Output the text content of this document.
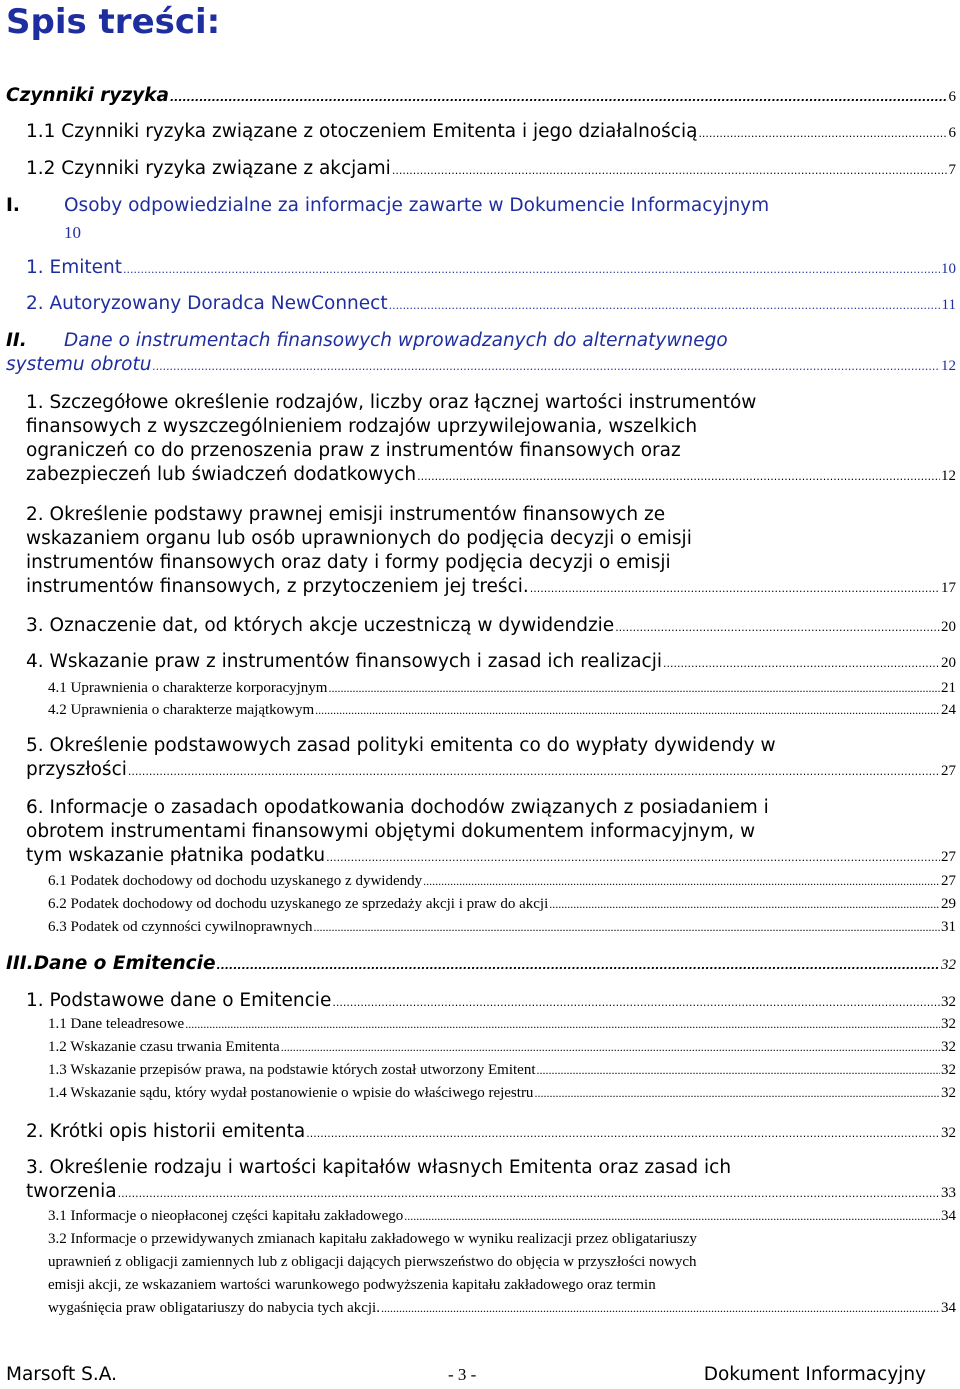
Spis treści:
Czynniki ryzyka .....	6
1.1 Czynniki ryzyka związane z otoczeniem Emitenta i jego działalnością .....	6
1.2 Czynniki ryzyka związane z akcjami .....	7
I. Osoby odpowiedzialne za informacje zawarte w Dokumencie Informacyjnym
10
1. Emitent .....	10
2. Autoryzowany Doradca NewConnect .....	11
II. Dane o instrumentach finansowych wprowadzanych do alternatywnego
systemu obrotu .....	12
1. Szczegółowe określenie rodzajów, liczby oraz łącznej wartości instrumentów
finansowych z wyszczególnieniem rodzajów uprzywilejowania, wszelkich
ograniczeń co do przenoszenia praw z instrumentów finansowych oraz
zabezpieczeń lub świadczeń dodatkowych .....	12
2. Określenie podstawy prawnej emisji instrumentów finansowych ze
wskazaniem organu lub osób uprawnionych do podjęcia decyzji o emisji
instrumentów finansowych oraz daty i formy podjęcia decyzji o emisji
instrumentów finansowych, z przytoczeniem jej treści. .....	17
3. Oznaczenie dat, od których akcje uczestniczą w dywidendzie .....	20
4. Wskazanie praw z instrumentów finansowych i zasad ich realizacji .....	20
4.1 Uprawnienia o charakterze korporacyjnym .....	21
4.2 Uprawnienia o charakterze majątkowym .....	24
5. Określenie podstawowych zasad polityki emitenta co do wypłaty dywidendy w
przyszłości .....	27
6. Informacje o zasadach opodatkowania dochodów związanych z posiadaniem i
obrotem instrumentami finansowymi objętymi dokumentem informacyjnym, w
tym wskazanie płatnika podatku .....	27
6.1 Podatek dochodowy od dochodu uzyskanego z dywidendy .....	27
6.2 Podatek dochodowy od dochodu uzyskanego ze sprzedaży akcji i praw do akcji .....	29
6.3 Podatek od czynności cywilnoprawnych .....	31
III. Dane o Emitencie .....	32
1. Podstawowe dane o Emitencie .....	32
1.1 Dane teleadresowe .....	32
1.2 Wskazanie czasu trwania Emitenta .....	32
1.3 Wskazanie przepisów prawa, na podstawie których został utworzony Emitent .....	32
1.4 Wskazanie sądu, który wydał postanowienie o wpisie do właściwego rejestru .....	32
2. Krótki opis historii emitenta .....	32
3. Określenie rodzaju i wartości kapitałów własnych Emitenta oraz zasad ich
tworzenia .....	33
3.1 Informacje o nieopłaconej części kapitału zakładowego .....	34
3.2 Informacje o przewidywanych zmianach kapitału zakładowego w wyniku realizacji przez obligatariuszy
uprawnień z obligacji zamiennych lub z obligacji dających pierwszeństwo do objęcia w przyszłości nowych
emisji akcji, ze wskazaniem wartości warunkowego podwyższenia kapitału zakładowego oraz termin
wygaśnięcia praw obligatariuszy do nabycia tych akcji. .....	34
Marsoft S.A.	- 3 -	Dokument Informacyjny
